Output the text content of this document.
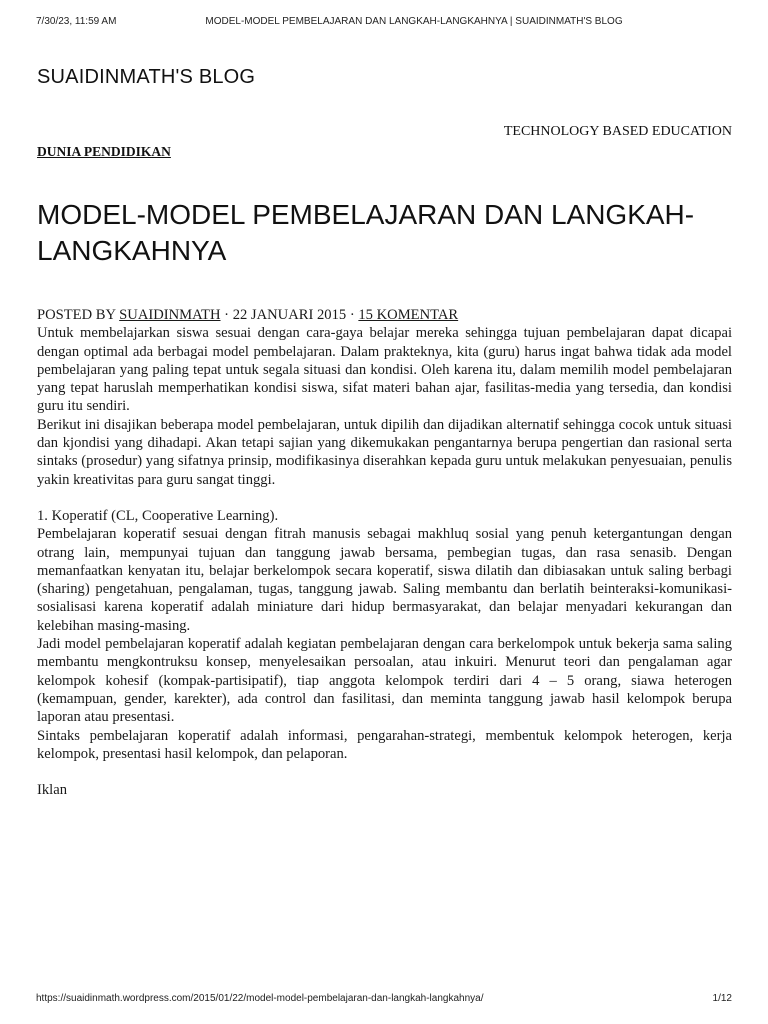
7/30/23, 11:59 AM	MODEL-MODEL PEMBELAJARAN DAN LANGKAH-LANGKAHNYA | SUAIDINMATH'S BLOG
SUAIDINMATH'S BLOG
TECHNOLOGY BASED EDUCATION
DUNIA PENDIDIKAN
MODEL-MODEL PEMBELAJARAN DAN LANGKAH-LANGKAHNYA

POSTED BY SUAIDINMATH · 22 JANUARI 2015 · 15 KOMENTAR

Untuk membelajarkan siswa sesuai dengan cara-gaya belajar mereka sehingga tujuan pembelajaran dapat dicapai dengan optimal ada berbagai model pembelajaran. Dalam prakteknya, kita (guru) harus ingat bahwa tidak ada model pembelajaran yang paling tepat untuk segala situasi dan kondisi. Oleh karena itu, dalam memilih model pembelajaran yang tepat haruslah memperhatikan kondisi siswa, sifat materi bahan ajar, fasilitas-media yang tersedia, dan kondisi guru itu sendiri.

Berikut ini disajikan beberapa model pembelajaran, untuk dipilih dan dijadikan alternatif sehingga cocok untuk situasi dan kjondisi yang dihadapi. Akan tetapi sajian yang dikemukakan pengantarnya berupa pengertian dan rasional serta sintaks (prosedur) yang sifatnya prinsip, modifikasinya diserahkan kepada guru untuk melakukan penyesuaian, penulis yakin kreativitas para guru sangat tinggi.

1. Koperatif (CL, Cooperative Learning).

Pembelajaran koperatif sesuai dengan fitrah manusis sebagai makhluq sosial yang penuh ketergantungan dengan otrang lain, mempunyai tujuan dan tanggung jawab bersama, pembegian tugas, dan rasa senasib. Dengan memanfaatkan kenyatan itu, belajar berkelompok secara koperatif, siswa dilatih dan dibiasakan untuk saling berbagi (sharing) pengetahuan, pengalaman, tugas, tanggung jawab. Saling membantu dan berlatih beinteraksi-komunikasi-sosialisasi karena koperatif adalah miniature dari hidup bermasyarakat, dan belajar menyadari kekurangan dan kelebihan masing-masing.

Jadi model pembelajaran koperatif adalah kegiatan pembelajaran dengan cara berkelompok untuk bekerja sama saling membantu mengkontruksu konsep, menyelesaikan persoalan, atau inkuiri. Menurut teori dan pengalaman agar kelompok kohesif (kompak-partisipatif), tiap anggota kelompok terdiri dari 4 – 5 orang, siawa heterogen (kemampuan, gender, karekter), ada control dan fasilitasi, dan meminta tanggung jawab hasil kelompok berupa laporan atau presentasi.

Sintaks pembelajaran koperatif adalah informasi, pengarahan-strategi, membentuk kelompok heterogen, kerja kelompok, presentasi hasil kelompok, dan pelaporan.

Iklan

https://suaidinmath.wordpress.com/2015/01/22/model-model-pembelajaran-dan-langkah-langkahnya/	1/12
